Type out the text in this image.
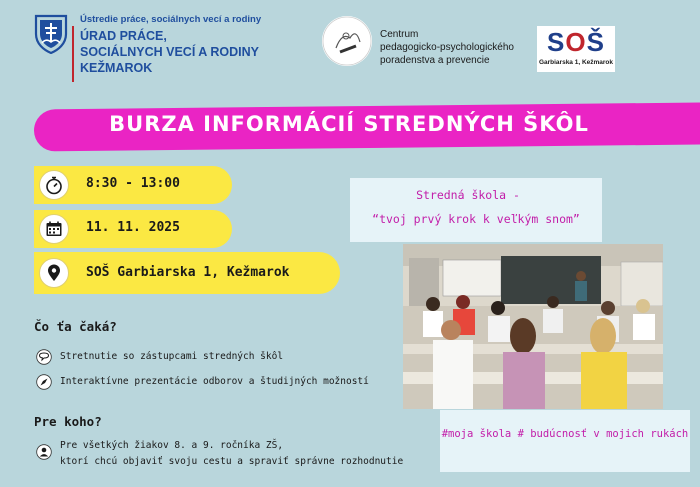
Ústredie práce, sociálnych vecí a rodiny
ÚRAD PRÁCE,
SOCIÁLNYCH VECÍ A RODINY
KEŽMAROK
Centrum
pedagogicko-psychologického
poradenstva a prevencie
SOŠ
Garbiarska 1, Kežmarok
BURZA INFORMÁCIÍ STREDNÝCH ŠKÔL
8:30 - 13:00
11. 11. 2025
SOŠ Garbiarska 1, Kežmarok
Čo ťa čaká?
Stretnutie so zástupcami stredných škôl
Interaktívne prezentácie odborov a študijných možností
Pre koho?
Pre všetkých žiakov 8. a 9. ročníka ZŠ,
ktorí chcú objaviť svoju cestu a spraviť správne rozhodnutie
Stredná škola -
“tvoj prvý krok k veľkým snom”
#moja škola # budúcnosť v mojich rukách
